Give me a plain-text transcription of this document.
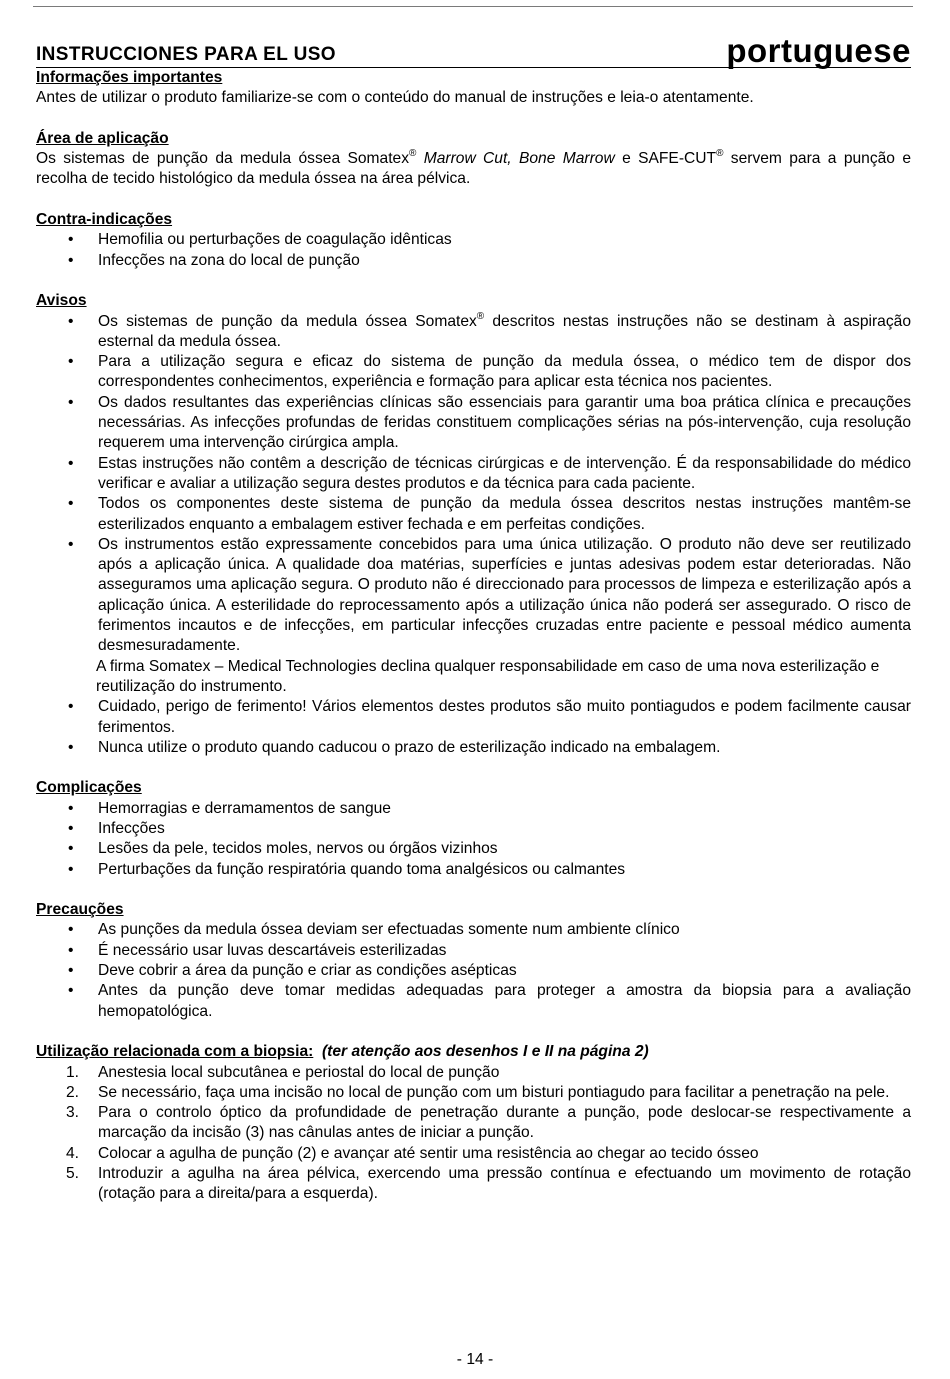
INSTRUCCIONES PARA EL USO	portuguese
Informações importantes

Antes de utilizar o produto familiarize-se com o conteúdo do manual de instruções e leia-o atentamente.

Área de aplicação

Os sistemas de punção da medula óssea Somatex® Marrow Cut, Bone Marrow e SAFE-CUT® servem para a punção e recolha de tecido histológico da medula óssea na área pélvica.

Contra-indicações
• Hemofilia ou perturbações de coagulação idênticas
• Infecções na zona do local de punção
Avisos
• Os sistemas de punção da medula óssea Somatex® descritos nestas instruções não se destinam à aspiração esternal da medula óssea.
• Para a utilização segura e eficaz do sistema de punção da medula óssea, o médico tem de dispor dos correspondentes conhecimentos, experiência e formação para aplicar esta técnica nos pacientes.
• Os dados resultantes das experiências clínicas são essenciais para garantir uma boa prática clínica e precauções necessárias. As infecções profundas de feridas constituem complicações sérias na pós-intervenção, cuja resolução requerem uma intervenção cirúrgica ampla.
• Estas instruções não contêm a descrição de técnicas cirúrgicas e de intervenção. É da responsabilidade do médico verificar e avaliar a utilização segura destes produtos e da técnica para cada paciente.
• Todos os componentes deste sistema de punção da medula óssea descritos nestas instruções mantêm-se esterilizados enquanto a embalagem estiver fechada e em perfeitas condições.
• Os instrumentos estão expressamente concebidos para uma única utilização. O produto não deve ser reutilizado após a aplicação única. A qualidade doa matérias, superfícies e juntas adesivas podem estar deterioradas. Não asseguramos uma aplicação segura. O produto não é direccionado para processos de limpeza e esterilização após a aplicação única. A esterilidade do reprocessamento após a utilização única não poderá ser assegurado. O risco de ferimentos incautos e de infecções, em particular infecções cruzadas entre paciente e pessoal médico aumenta desmesuradamente.
A firma Somatex – Medical Technologies declina qualquer responsabilidade em caso de uma nova esterilização e reutilização do instrumento.
• Cuidado, perigo de ferimento! Vários elementos destes produtos são muito pontiagudos e podem facilmente causar ferimentos.
• Nunca utilize o produto quando caducou o prazo de esterilização indicado na embalagem.
Complicações
• Hemorragias e derramamentos de sangue
• Infecções
• Lesões da pele, tecidos moles, nervos ou órgãos vizinhos
• Perturbações da função respiratória quando toma analgésicos ou calmantes
Precauções
• As punções da medula óssea deviam ser efectuadas somente num ambiente clínico
• É necessário usar luvas descartáveis esterilizadas
• Deve cobrir a área da punção e criar as condições asépticas
• Antes da punção deve tomar medidas adequadas para proteger a amostra da biopsia para a avaliação hemopatológica.
Utilização relacionada com a biopsia: (ter atenção aos desenhos I e II na página 2)
1. Anestesia local subcutânea e periostal do local de punção
2. Se necessário, faça uma incisão no local de punção com um bisturi pontiagudo para facilitar a penetração na pele.
3. Para o controlo óptico da profundidade de penetração durante a punção, pode deslocar-se respectivamente a marcação da incisão (3) nas cânulas antes de iniciar a punção.
4. Colocar a agulha de punção (2) e avançar até sentir uma resistência ao chegar ao tecido ósseo
5. Introduzir a agulha na área pélvica, exercendo uma pressão contínua e efectuando um movimento de rotação (rotação para a direita/para a esquerda).
- 14 -
